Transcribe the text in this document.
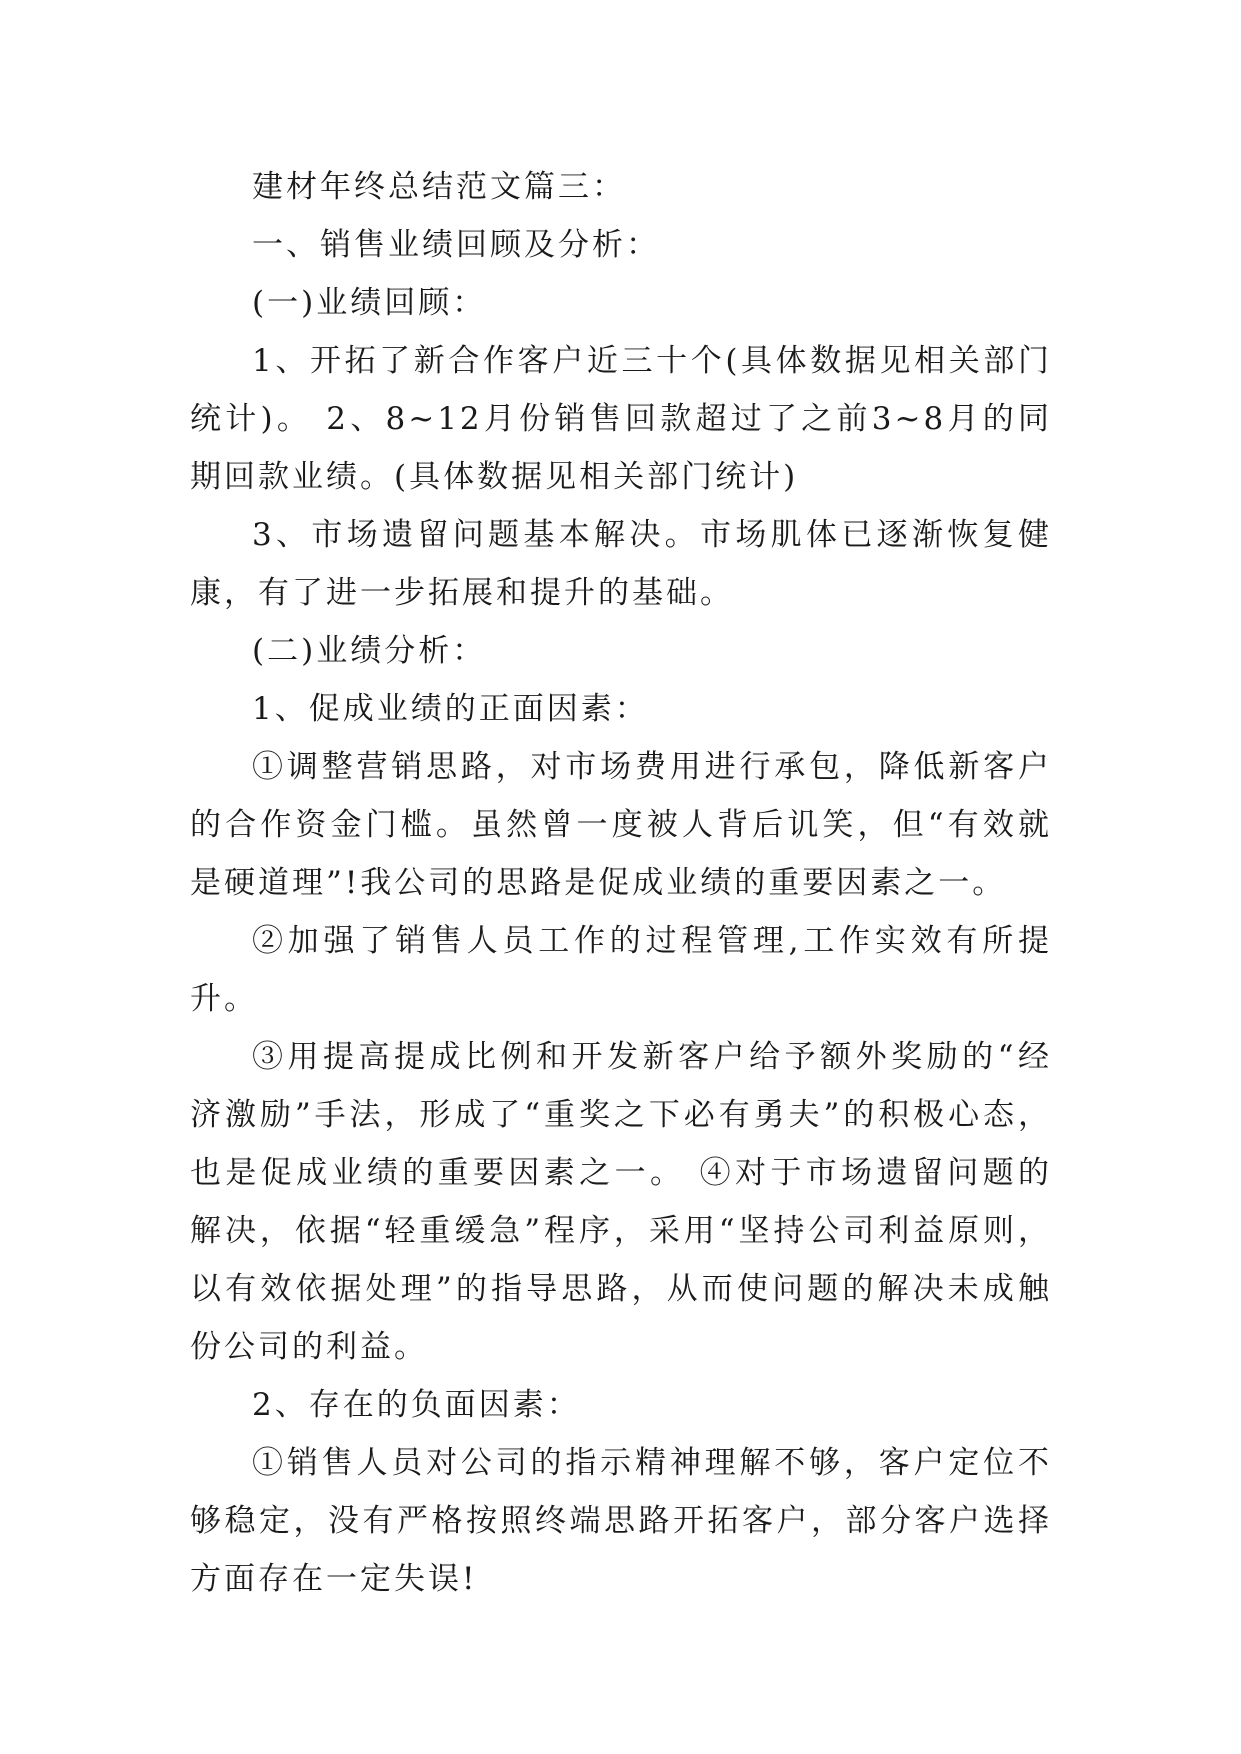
建材年终总结范文篇三：

一、销售业绩回顾及分析：

(一)业绩回顾：

1、开拓了新合作客户近三十个(具体数据见相关部门统计)。 2、8~12月份销售回款超过了之前3~8月的同期回款业绩。(具体数据见相关部门统计)

3、市场遗留问题基本解决。市场肌体已逐渐恢复健康，有了进一步拓展和提升的基础。

(二)业绩分析：

1、促成业绩的正面因素：

①调整营销思路，对市场费用进行承包，降低新客户的合作资金门槛。虽然曾一度被人背后讥笑，但“有效就是硬道理”!我公司的思路是促成业绩的重要因素之一。

②加强了销售人员工作的过程管理,工作实效有所提升。

③用提高提成比例和开发新客户给予额外奖励的“经济激励”手法，形成了“重奖之下必有勇夫”的积极心态，也是促成业绩的重要因素之一。 ④对于市场遗留问题的解决，依据“轻重缓急”程序，采用“坚持公司利益原则，以有效依据处理”的指导思路，从而使问题的解决未成触份公司的利益。

2、存在的负面因素：

①销售人员对公司的指示精神理解不够，客户定位不够稳定，没有严格按照终端思路开拓客户，部分客户选择方面存在一定失误!
